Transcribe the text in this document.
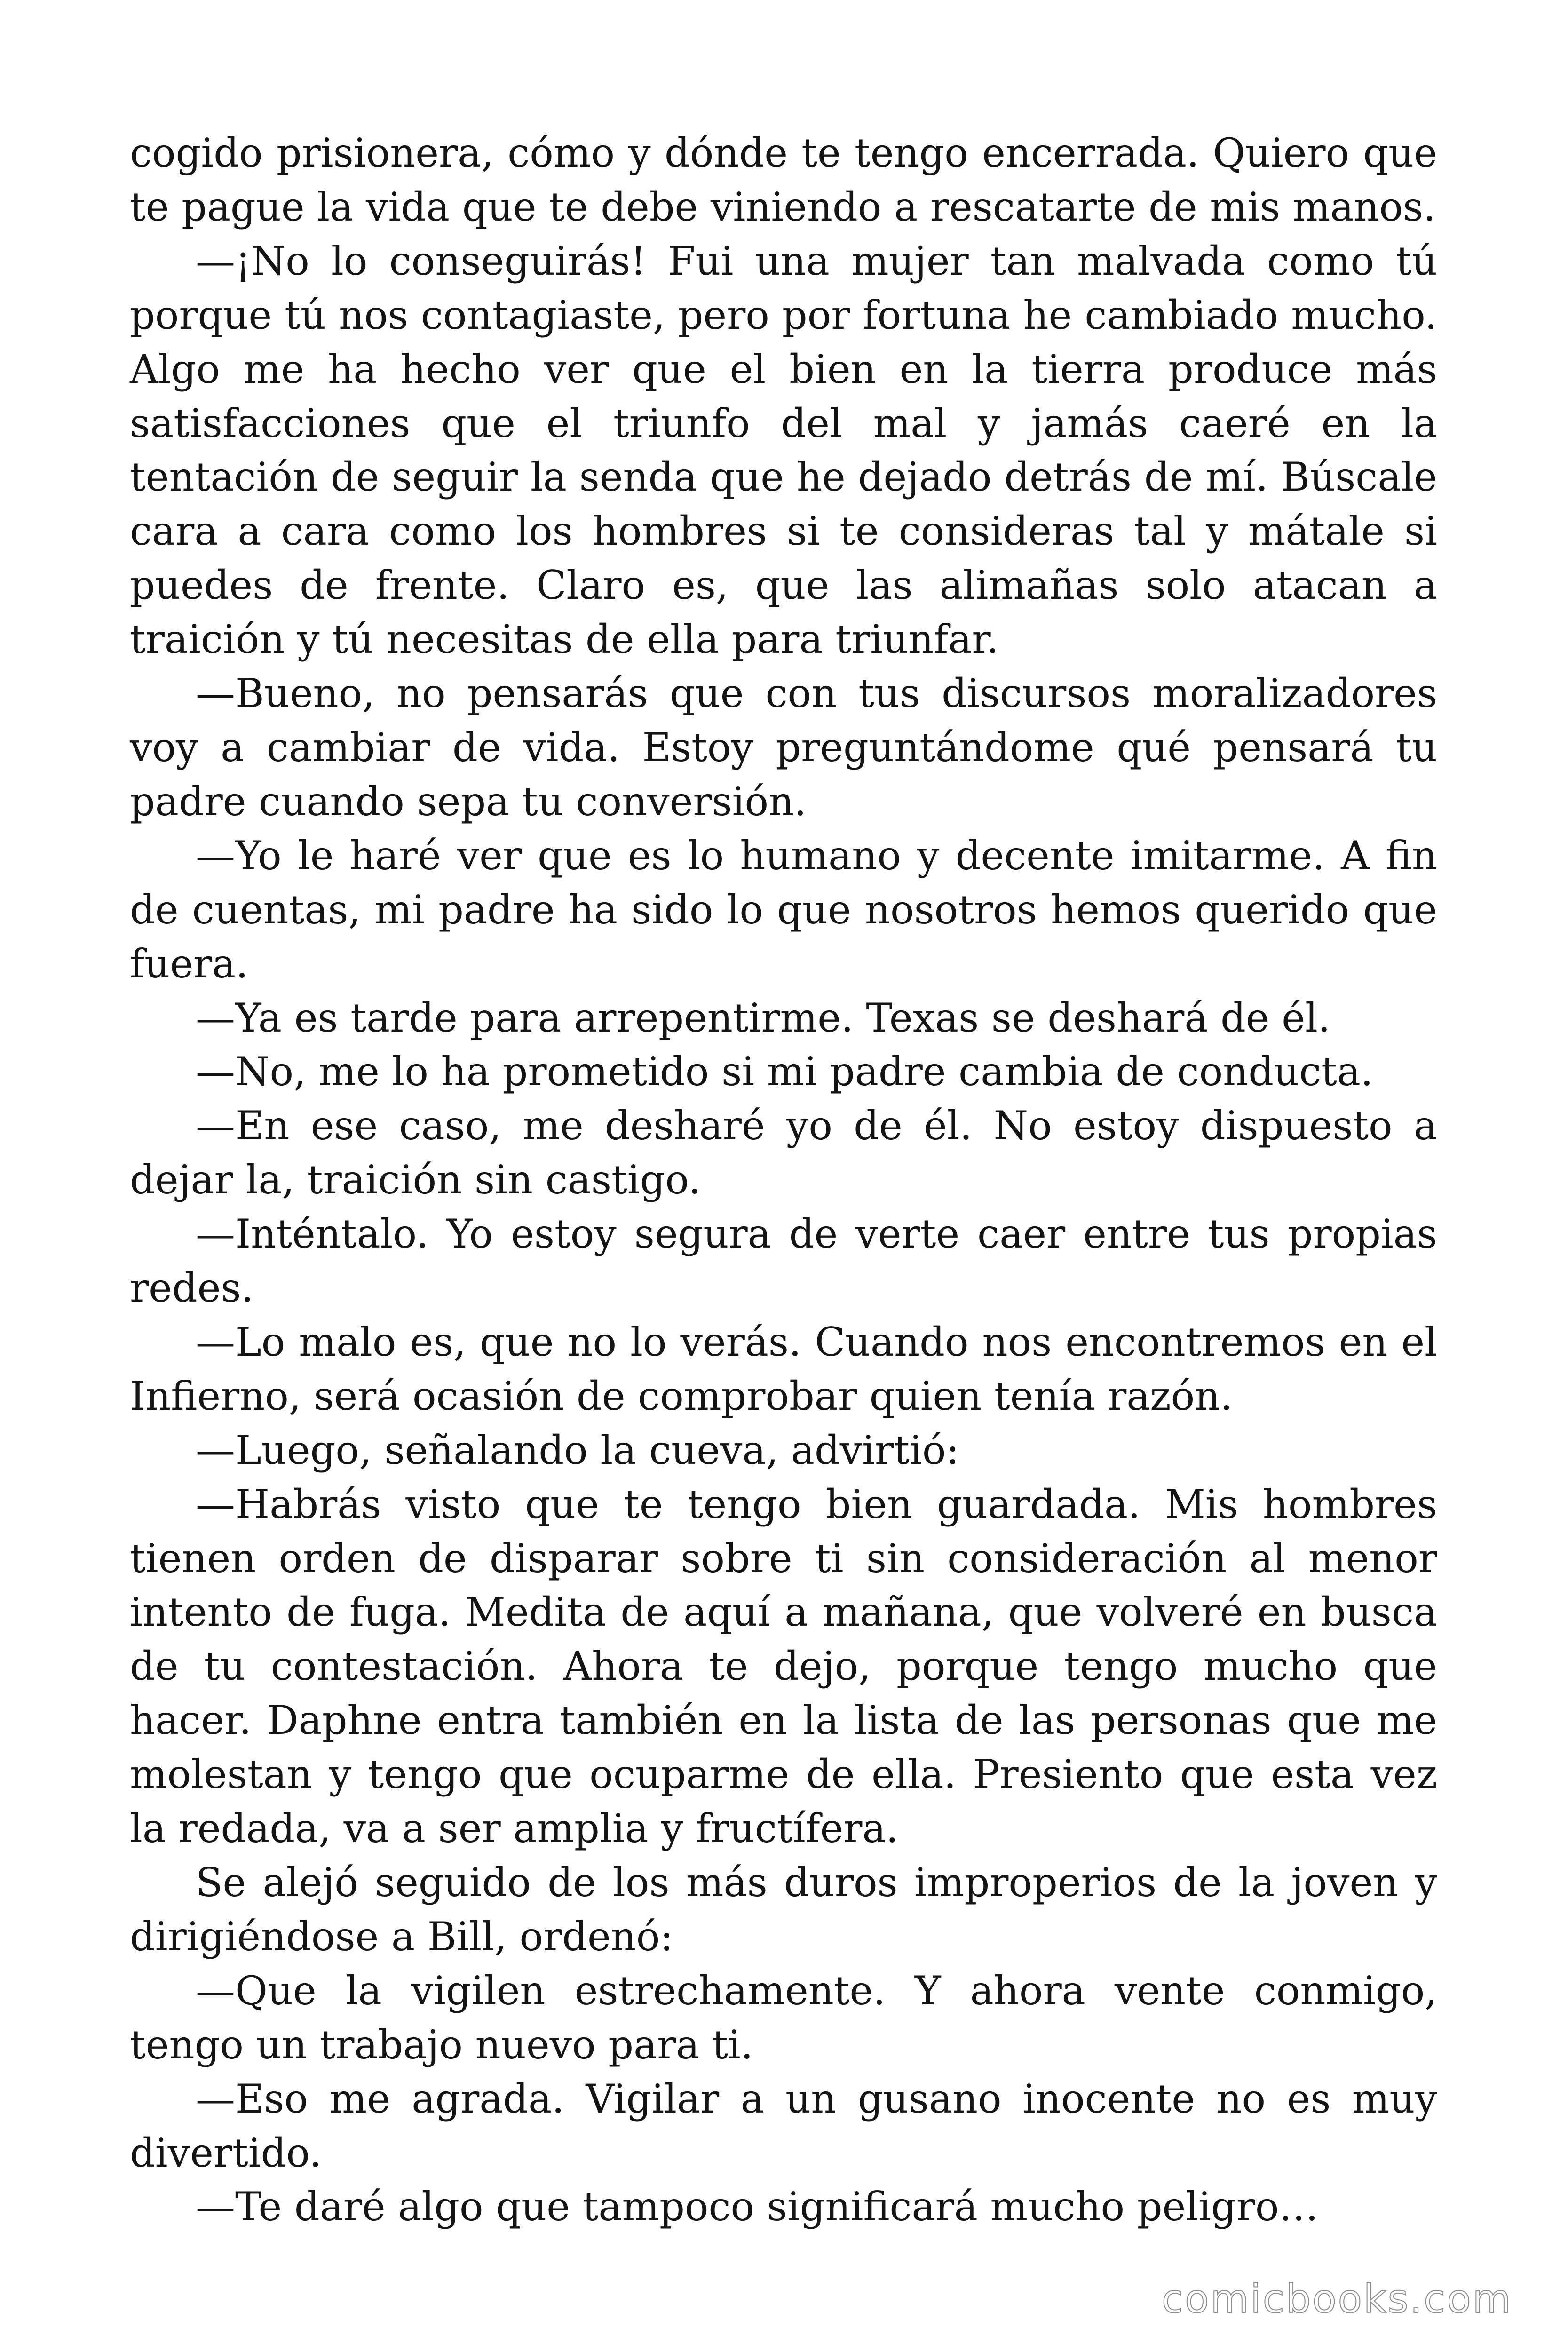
cogido prisionera, cómo y dónde te tengo encerrada. Quiero que te pague la vida que te debe viniendo a rescatarte de mis manos.

—¡No lo conseguirás! Fui una mujer tan malvada como tú porque tú nos contagiaste, pero por fortuna he cambiado mucho. Algo me ha hecho ver que el bien en la tierra produce más satisfacciones que el triunfo del mal y jamás caeré en la tentación de seguir la senda que he dejado detrás de mí. Búscale cara a cara como los hombres si te consideras tal y mátale si puedes de frente. Claro es, que las alimañas solo atacan a traición y tú necesitas de ella para triunfar.

—Bueno, no pensarás que con tus discursos moralizadores voy a cambiar de vida. Estoy preguntándome qué pensará tu padre cuando sepa tu conversión.

—Yo le haré ver que es lo humano y decente imitarme. A fin de cuentas, mi padre ha sido lo que nosotros hemos querido que fuera.

—Ya es tarde para arrepentirme. Texas se deshará de él.

—No, me lo ha prometido si mi padre cambia de conducta.

—En ese caso, me desharé yo de él. No estoy dispuesto a dejar la, traición sin castigo.

—Inténtalo. Yo estoy segura de verte caer entre tus propias redes.

—Lo malo es, que no lo verás. Cuando nos encontremos en el Infierno, será ocasión de comprobar quien tenía razón.

—Luego, señalando la cueva, advirtió:

—Habrás visto que te tengo bien guardada. Mis hombres tienen orden de disparar sobre ti sin consideración al menor intento de fuga. Medita de aquí a mañana, que volveré en busca de tu contestación. Ahora te dejo, porque tengo mucho que hacer. Daphne entra también en la lista de las personas que me molestan y tengo que ocuparme de ella. Presiento que esta vez la redada, va a ser amplia y fructífera.

Se alejó seguido de los más duros improperios de la joven y dirigiéndose a Bill, ordenó:

—Que la vigilen estrechamente. Y ahora vente conmigo, tengo un trabajo nuevo para ti.

—Eso me agrada. Vigilar a un gusano inocente no es muy divertido.

—Te daré algo que tampoco significará mucho peligro…

comicbooks.com
